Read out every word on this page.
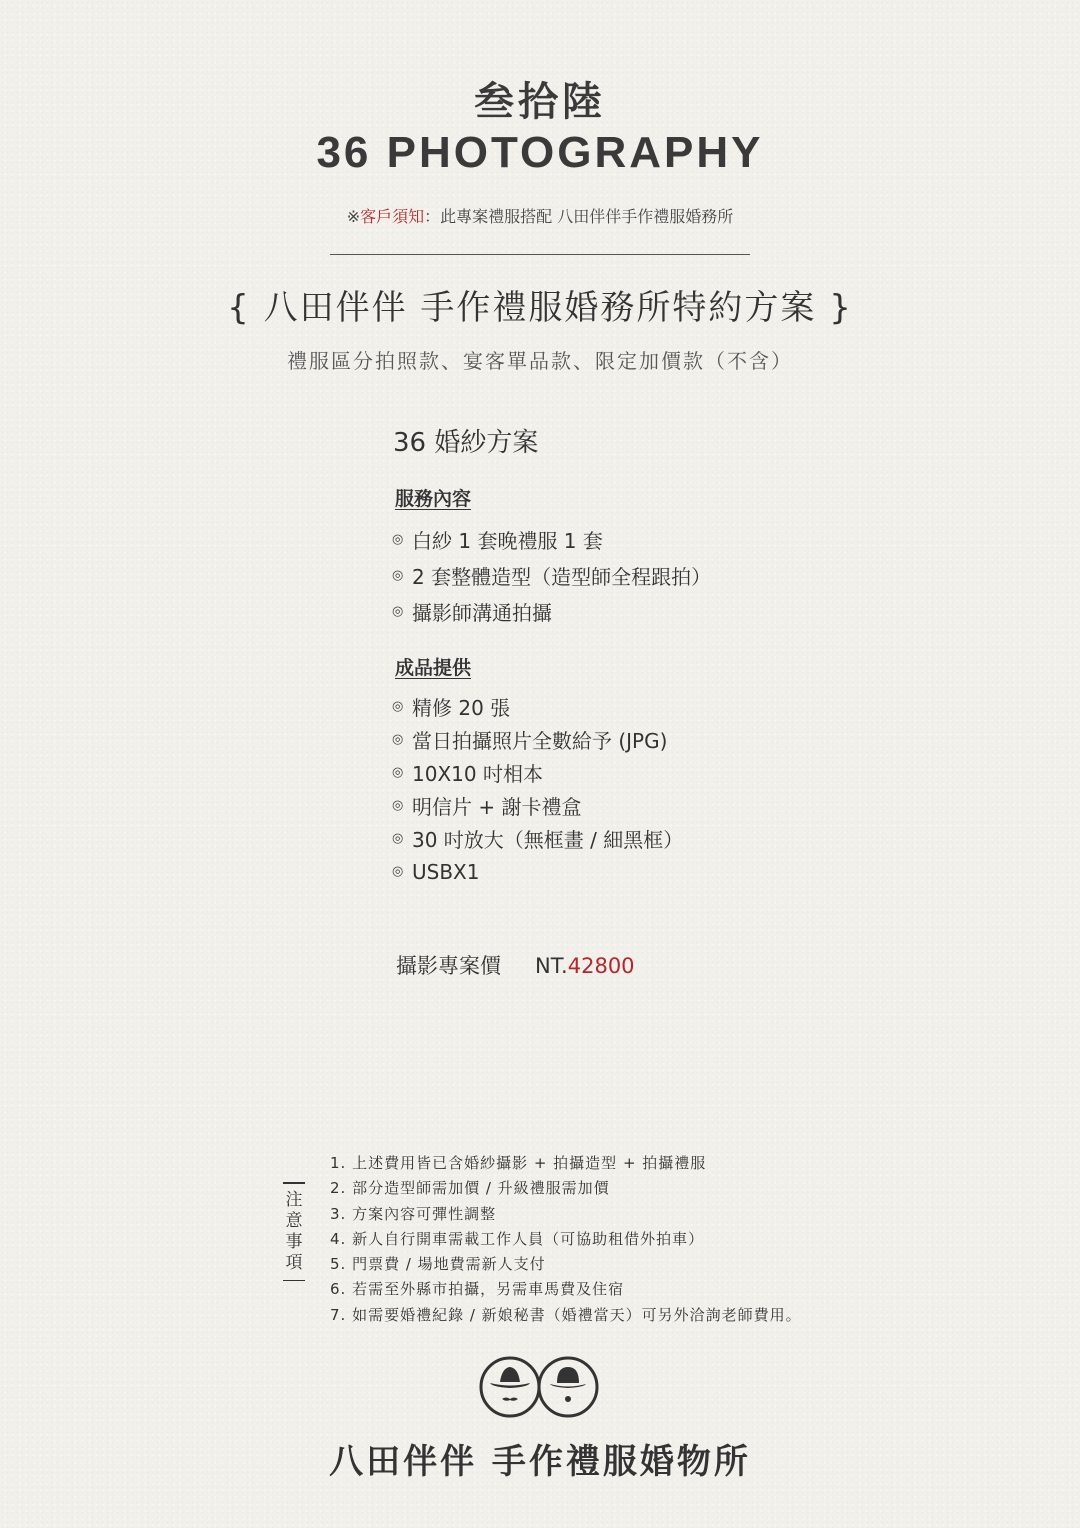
叁拾陸
36 PHOTOGRAPHY
※客戶須知：此專案禮服搭配 八田伴伴手作禮服婚務所
{ 八田伴伴 手作禮服婚務所特約方案 }
禮服區分拍照款、宴客單品款、限定加價款（不含）
36 婚紗方案
服務內容
◎ 白紗 1 套晚禮服 1 套
◎ 2 套整體造型（造型師全程跟拍）
◎ 攝影師溝通拍攝
成品提供
◎ 精修 20 張
◎ 當日拍攝照片全數給予 (JPG)
◎ 10X10 吋相本
◎ 明信片 + 謝卡禮盒
◎ 30 吋放大（無框畫 / 細黑框）
◎ USBX1
攝影專案價 NT.42800
注
意
事
項
1. 上述費用皆已含婚紗攝影 + 拍攝造型 + 拍攝禮服
2. 部分造型師需加價 / 升級禮服需加價
3. 方案內容可彈性調整
4. 新人自行開車需載工作人員（可協助租借外拍車）
5. 門票費 / 場地費需新人支付
6. 若需至外縣市拍攝，另需車馬費及住宿
7. 如需要婚禮紀錄 / 新娘秘書（婚禮當天）可另外洽詢老師費用。
八田伴伴 手作禮服婚物所
